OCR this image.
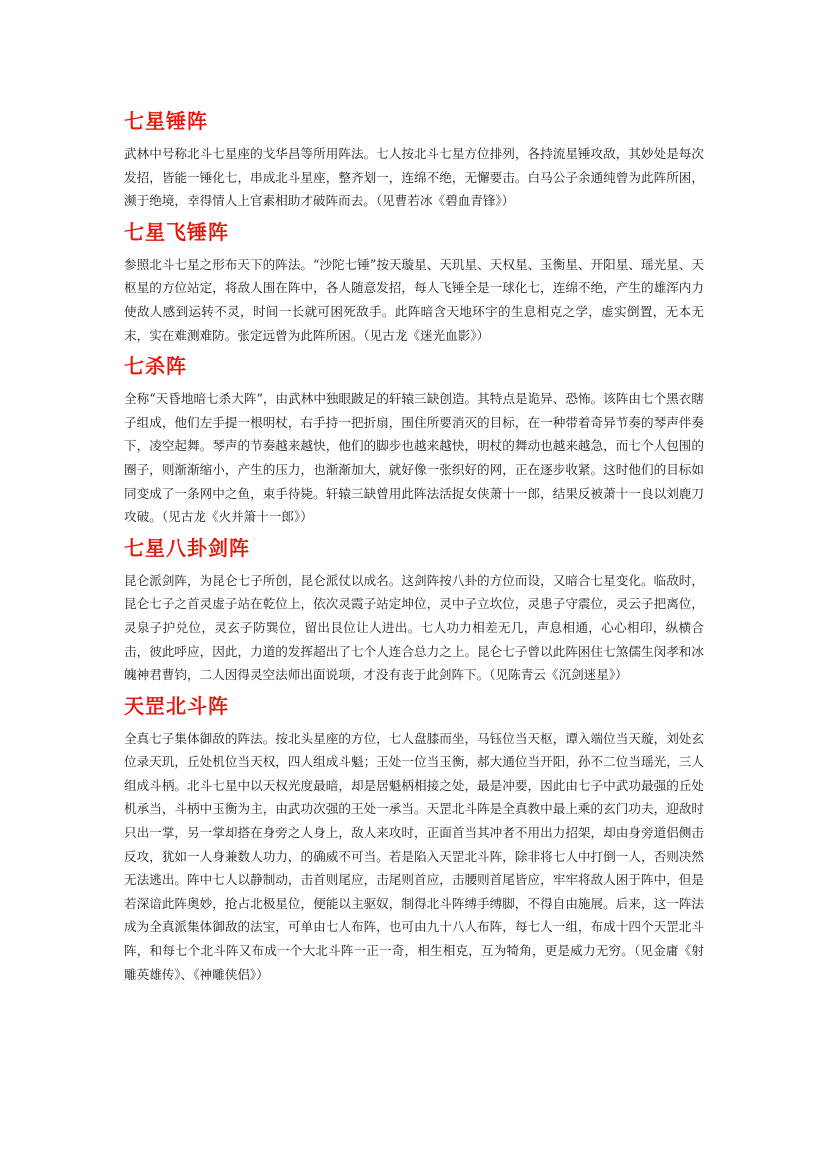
七星锤阵

武林中号称北斗七星座的戈华昌等所用阵法。七人按北斗七星方位排列，各持流星锤攻敌，其妙处是每次发招，皆能一锤化七，串成北斗星座，整齐划一，连绵不绝，无懈要击。白马公子余通纯曾为此阵所困，濒于绝境，幸得情人上官素相助才破阵而去。（见曹若冰《碧血青锋》）

七星飞锤阵

参照北斗七星之形布天下的阵法。“沙陀七锤”按天璇星、天玑星、天权星、玉衡星、开阳星、瑶光星、天枢星的方位站定，将敌人围在阵中，各人随意发招，每人飞锤全是一球化七，连绵不绝，产生的雄浑内力使敌人感到运转不灵，时间一长就可困死敌手。此阵暗含天地环宇的生息相克之学，虚实倒置，无本无末，实在难测难防。张定远曾为此阵所困。（见古龙《迷光血影》）

七杀阵

全称“天昏地暗七杀大阵”，由武林中独眼跛足的轩辕三缺创造。其特点是诡异、恐怖。该阵由七个黑衣瞎子组成，他们左手提一根明杖，右手持一把折扇，围住所要消灭的目标，在一种带着奇异节奏的琴声伴奏下，凌空起舞。琴声的节奏越来越快，他们的脚步也越来越快，明杖的舞动也越来越急，而七个人包围的圈子，则渐渐缩小，产生的压力，也渐渐加大，就好像一张织好的网，正在逐步收紧。这时他们的目标如同变成了一条网中之鱼，束手待毙。轩辕三缺曾用此阵法活捉女侠萧十一郎，结果反被萧十一良以刘鹿刀攻破。（见古龙《火并箫十一郎》）

七星八卦剑阵

昆仑派剑阵，为昆仑七子所创，昆仑派仗以成名。这剑阵按八卦的方位而设，又暗合七星变化。临敌时，昆仑七子之首灵虚子站在乾位上，依次灵霞子站定坤位，灵中子立坎位，灵患子守震位，灵云子把离位，灵泉子护兑位，灵玄子防巽位，留出艮位让人进出。七人功力相差无几，声息相通，心心相印，纵横合击，彼此呼应，因此，力道的发挥超出了七个人连合总力之上。昆仑七子曾以此阵困住七煞儒生闵孝和冰魄神君曹钧，二人因得灵空法师出面说项，才没有丧于此剑阵下。（见陈青云《沉剑迷星》）

天罡北斗阵

全真七子集体御敌的阵法。按北头星座的方位，七人盘膝而坐，马钰位当天枢，谭入端位当天璇，刘处玄位录天玑，丘处机位当天权，四人组成斗魁；王处一位当玉衡，郝大通位当开阳，孙不二位当瑶光，三人组成斗柄。北斗七星中以天权光度最暗，却是居魁柄相接之处，最是冲要，因此由七子中武功最强的丘处机承当，斗柄中玉衡为主，由武功次强的王处一承当。天罡北斗阵是全真教中最上乘的玄门功夫，迎敌时只出一掌，另一掌却搭在身旁之人身上，敌人来攻时，正面首当其冲者不用出力招架，却由身旁道侣侧击反攻，犹如一人身兼数人功力，的确威不可当。若是陷入天罡北斗阵，除非将七人中打倒一人，否则决然无法逃出。阵中七人以静制动，击首则尾应，击尾则首应，击腰则首尾皆应，牢牢将敌人困于阵中，但是若深谙此阵奥妙，抢占北极星位，便能以主驱奴，制得北斗阵缚手缚脚，不得自由施展。后来，这一阵法成为全真派集体御敌的法宝，可单由七人布阵，也可由九十八人布阵，每七人一组，布成十四个天罡北斗阵，和每七个北斗阵又布成一个大北斗阵一正一奇，相生相克，互为犄角，更是威力无穷。（见金庸《射雕英雄传》、《神雕侠侣》）
